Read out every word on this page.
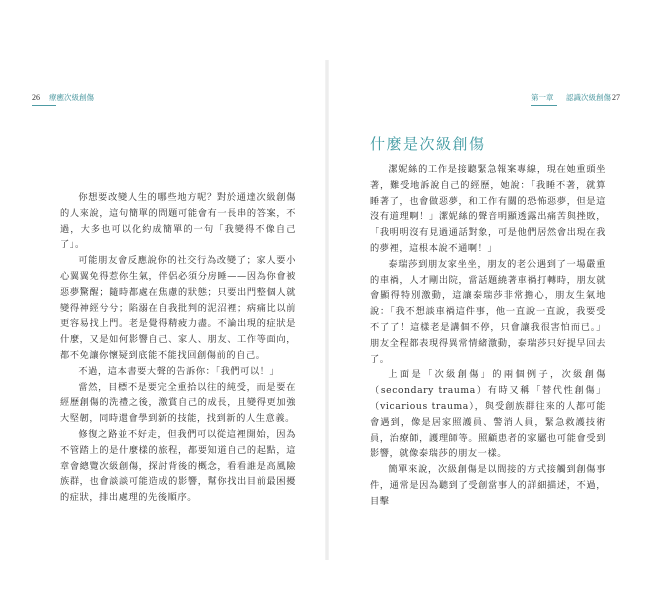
26 療癒次級創傷

你想要改變人生的哪些地方呢？對於通達次級創傷的人來說，這句簡單的問題可能會有一長串的答案，不過，大多也可以化約成簡單的一句「我變得不像自己了」。

可能朋友會反應說你的社交行為改變了；家人要小心翼翼免得惹你生氣，伴侶必須分房睡——因為你會被惡夢驚醒；隨時都處在焦慮的狀態；只要出門整個人就變得神經兮兮；陷溺在自我批判的泥沼裡；病痛比以前更容易找上門。老是覺得精疲力盡。不論出現的症狀是什麼，又是如何影響自己、家人、朋友、工作等面向，都不免讓你懷疑到底能不能找回創傷前的自己。

不過，這本書要大聲的告訴你：「我們可以！」

當然，目標不是要完全重拾以往的純受，而是要在經歷創傷的洗禮之後，激賞自己的成長，且變得更加強大堅韌，同時還會學到新的技能，找到新的人生意義。

修復之路並不好走，但我們可以從這裡開始，因為不管踏上的是什麼樣的旅程，都要知道自己的起點，這章會總覽次級創傷，探討背後的概念，看看誰是高風險族群，也會談談可能造成的影響，幫你找出目前最困擾的症狀，排出處理的先後順序。

第一章 認識次級創傷 27
什麼是次級創傷

潔妮絲的工作是接聽緊急報案專線，現在她重頭坐著，難受地訴說自己的經歷，她說：「我睡不著，就算睡著了，也會做惡夢，和工作有關的恐怖惡夢，但是這沒有道理啊！」潔妮絲的聲音明顯透露出痛苦與挫敗，「我明明沒有見過通話對象，可是他們居然會出現在我的夢裡，這根本說不通啊！」

泰瑞莎到朋友家坐坐，朋友的老公遇到了一場嚴重的車禍，人才剛出院，當話題繞著車禍打轉時，朋友就會顯得特別激動，這讓泰瑞莎非常擔心，朋友生氣地說：「我不想談車禍這件事，他一直說一直說，我要受不了了！這樣老是講個不停，只會讓我很害怕而已。」朋友全程都表現得異常情緒激動，泰瑞莎只好提早回去了。

上面是「次級創傷」的兩個例子，次級創傷（secondary trauma）有時又稱「替代性創傷」（vicarious trauma），與受創族群往來的人都可能會遇到，像是居家照護員、警消人員，緊急救護技術員，治療師，護理師等。照顧患者的家屬也可能會受到影響，就像泰瑞莎的朋友一樣。

簡單來說，次級創傷是以間接的方式接觸到創傷事件，通常是因為聽到了受創當事人的詳細描述，不過，目擊
